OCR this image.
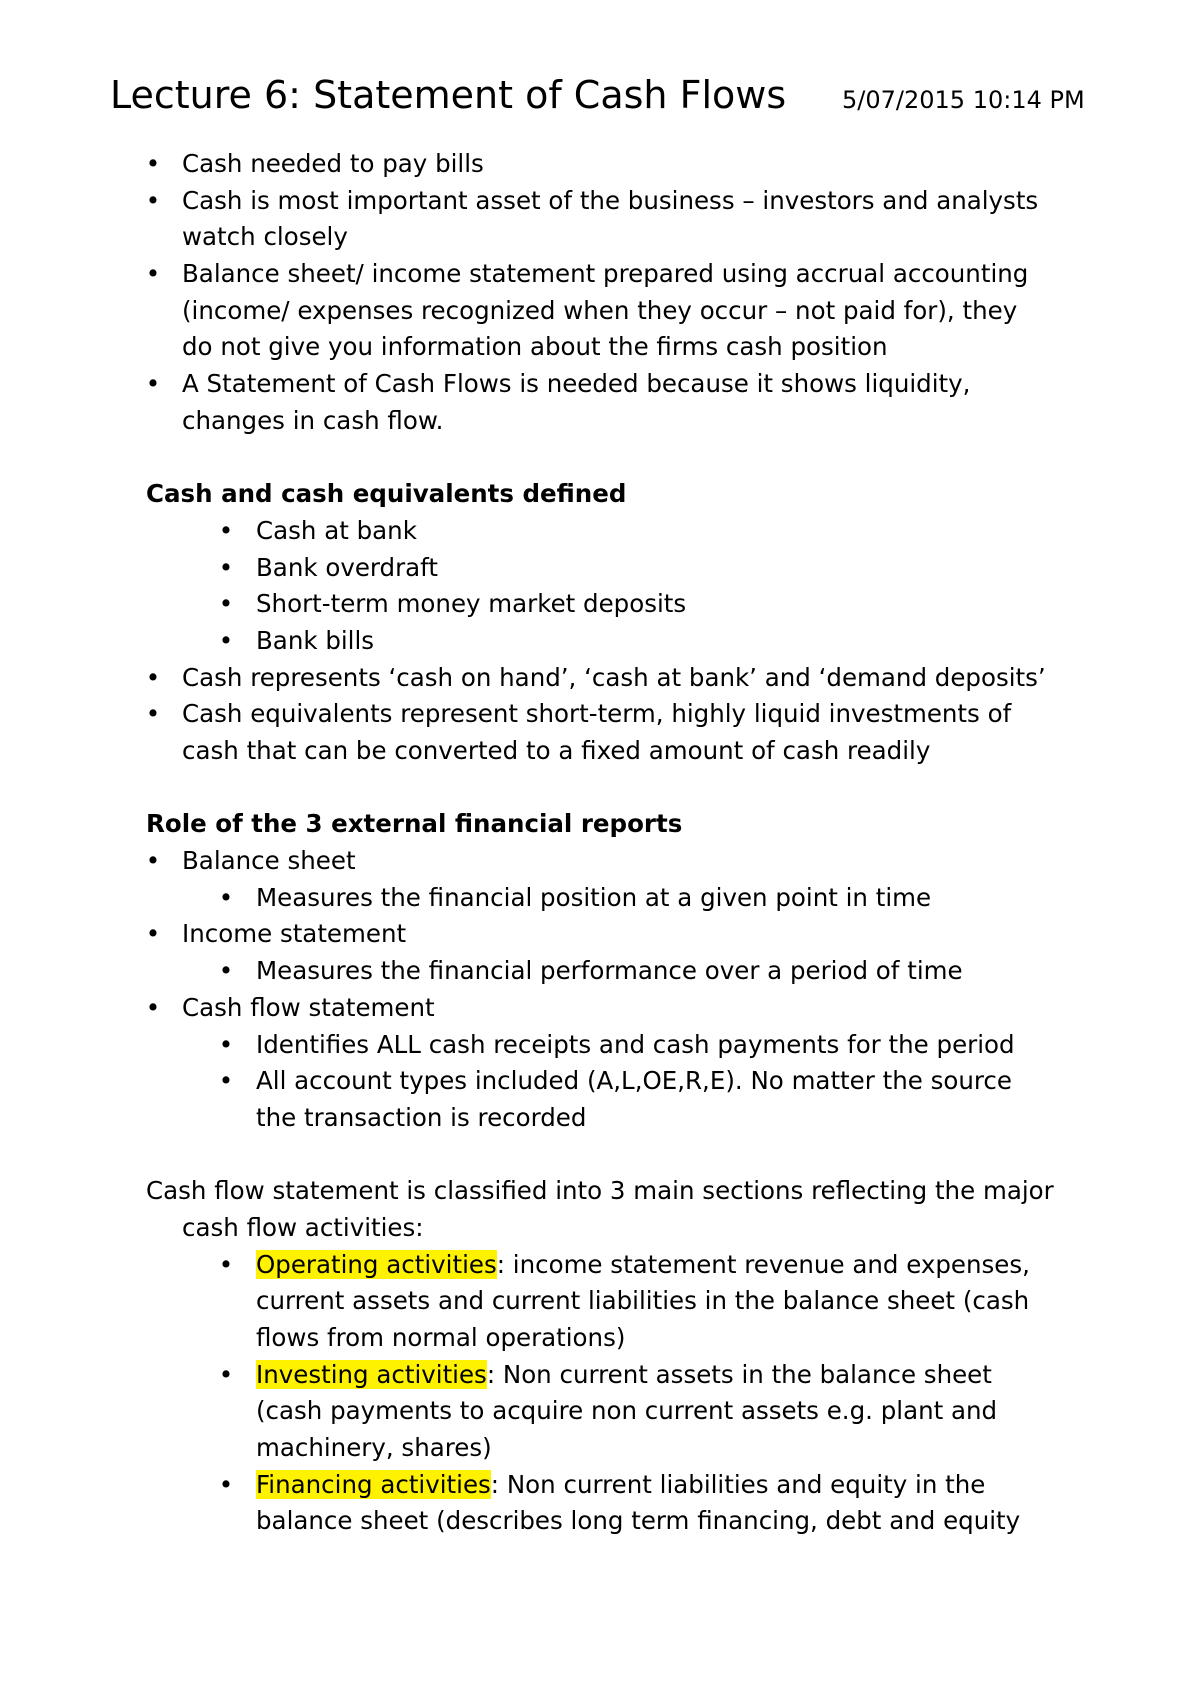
Lecture 6: Statement of Cash Flows 5/07/2015 10:14 PM
• Cash needed to pay bills
• Cash is most important asset of the business – investors and analysts
watch closely
• Balance sheet/ income statement prepared using accrual accounting
(income/ expenses recognized when they occur – not paid for), they
do not give you information about the firms cash position
• A Statement of Cash Flows is needed because it shows liquidity,
changes in cash flow.
Cash and cash equivalents defined
• Cash at bank
• Bank overdraft
• Short-term money market deposits
• Bank bills
• Cash represents ‘cash on hand’, ‘cash at bank’ and ‘demand deposits’
• Cash equivalents represent short-term, highly liquid investments of
cash that can be converted to a fixed amount of cash readily
Role of the 3 external financial reports
• Balance sheet
• Measures the financial position at a given point in time
• Income statement
• Measures the financial performance over a period of time
• Cash flow statement
• Identifies ALL cash receipts and cash payments for the period
• All account types included (A,L,OE,R,E). No matter the source
the transaction is recorded
Cash flow statement is classified into 3 main sections reflecting the major
cash flow activities:
• Operating activities: income statement revenue and expenses,
current assets and current liabilities in the balance sheet (cash
flows from normal operations)
• Investing activities: Non current assets in the balance sheet
(cash payments to acquire non current assets e.g. plant and
machinery, shares)
• Financing activities: Non current liabilities and equity in the
balance sheet (describes long term financing, debt and equity
